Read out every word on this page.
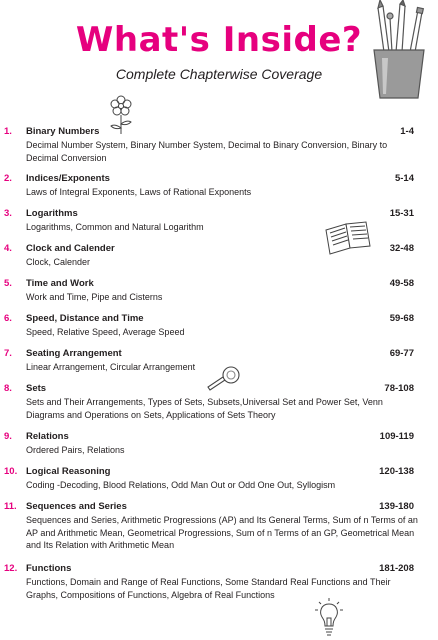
What's Inside?

Complete Chapterwise Coverage

1.	Binary Numbers	1-4
Decimal Number System, Binary Number System, Decimal to Binary Conversion, Binary to Decimal Conversion
2.	Indices/Exponents	5-14
Laws of Integral Exponents, Laws of Rational Exponents
3.	Logarithms	15-31
Logarithms, Common and Natural Logarithm
4.	Clock and Calender	32-48
Clock, Calender
5.	Time and Work	49-58
Work and Time, Pipe and Cisterns
6.	Speed, Distance and Time	59-68
Speed, Relative Speed, Average Speed
7.	Seating Arrangement	69-77
Linear Arrangement, Circular Arrangement
8.	Sets	78-108
Sets and Their Arrangements, Types of Sets, Subsets,Universal Set and Power Set, Venn Diagrams and Operations on Sets, Applications of Sets Theory
9.	Relations	109-119
Ordered Pairs, Relations
10. Logical Reasoning	120-138
Coding -Decoding, Blood Relations, Odd Man Out or Odd One Out, Syllogism
11. Sequences and Series	139-180
Sequences and Series, Arithmetic Progressions (AP) and Its General Terms, Sum of n Terms of an AP and Arithmetic Mean, Geometrical Progressions, Sum of n Terms of an GP, Geometrical Mean and Its Relation with Arithmetic Mean
12. Functions	181-208
Functions, Domain and Range of Real Functions, Some Standard Real Functions and Their Graphs, Compositions of Functions, Algebra of Real Functions
